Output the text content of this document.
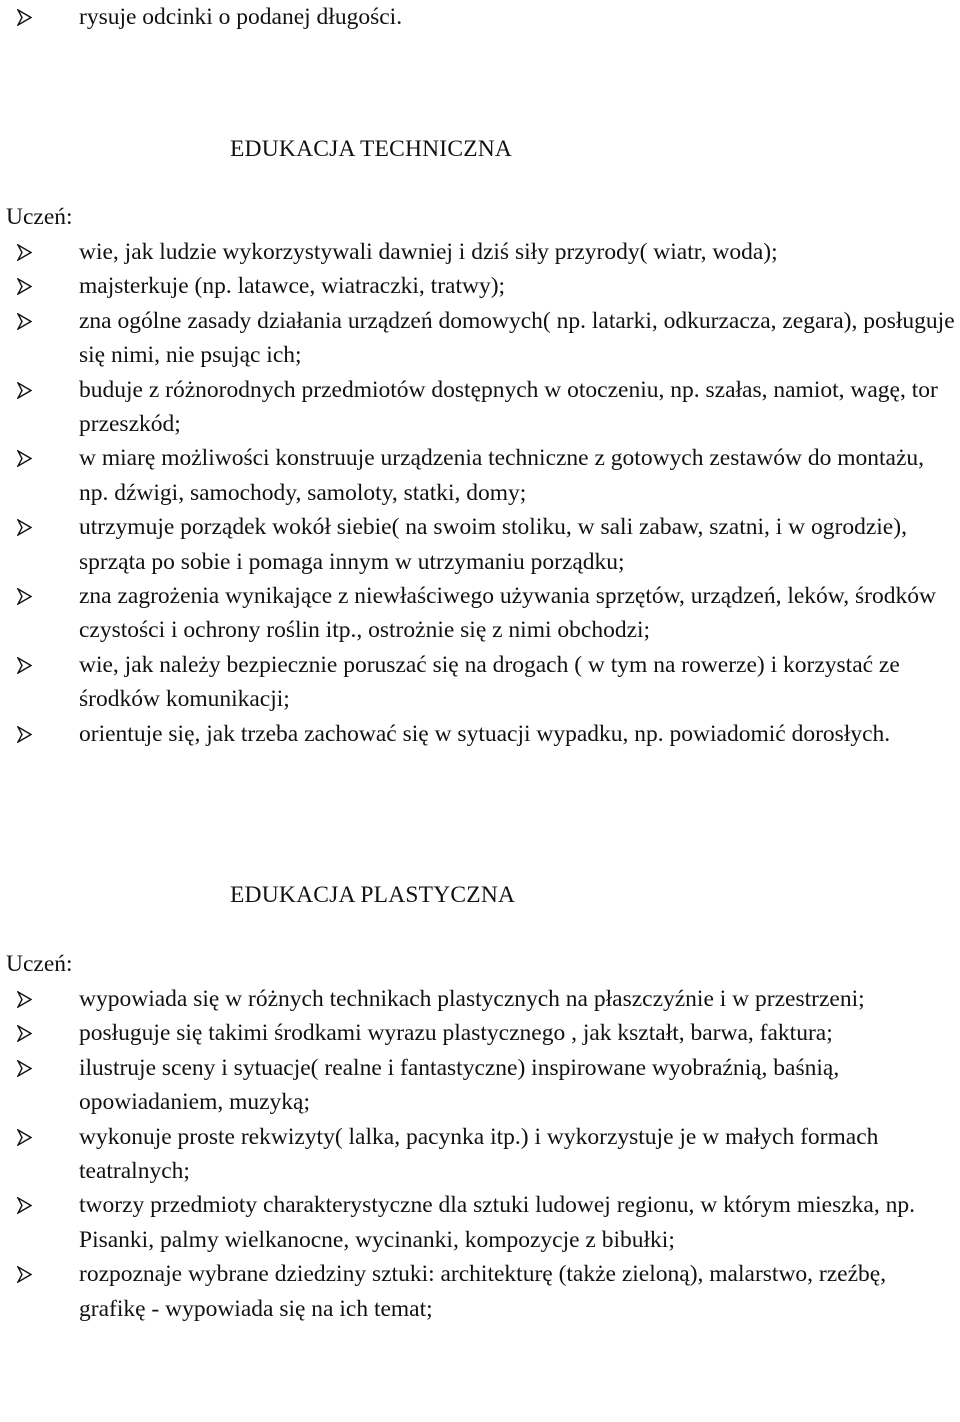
rysuje odcinki o podanej długości.
EDUKACJA TECHNICZNA
Uczeń:
wie, jak ludzie wykorzystywali dawniej i dziś siły przyrody( wiatr, woda);
majsterkuje (np. latawce, wiatraczki, tratwy);
zna ogólne zasady działania urządzeń domowych( np. latarki, odkurzacza, zegara), posługuje się nimi, nie psując ich;
buduje z różnorodnych przedmiotów dostępnych w otoczeniu, np. szałas, namiot, wagę, tor przeszkód;
w miarę możliwości konstruuje urządzenia techniczne z gotowych zestawów do montażu, np. dźwigi, samochody, samoloty, statki, domy;
utrzymuje porządek wokół siebie( na swoim stoliku, w sali zabaw, szatni, i w ogrodzie), sprząta po sobie i pomaga innym w utrzymaniu porządku;
zna zagrożenia wynikające z niewłaściwego używania sprzętów, urządzeń, leków, środków czystości i ochrony roślin itp., ostrożnie się z nimi obchodzi;
wie, jak należy bezpiecznie poruszać się na drogach ( w tym na rowerze) i korzystać ze środków komunikacji;
orientuje się, jak trzeba zachować się w sytuacji wypadku, np. powiadomić dorosłych.
EDUKACJA PLASTYCZNA
Uczeń:
wypowiada się w różnych technikach plastycznych na płaszczyźnie i w przestrzeni;
posługuje się takimi środkami wyrazu plastycznego , jak kształt, barwa, faktura;
ilustruje sceny i sytuacje( realne i fantastyczne) inspirowane wyobraźnią, baśnią, opowiadaniem, muzyką;
wykonuje proste rekwizyty( lalka, pacynka itp.) i wykorzystuje je w małych formach teatralnych;
tworzy przedmioty charakterystyczne dla sztuki ludowej regionu, w którym mieszka, np. Pisanki, palmy wielkanocne, wycinanki, kompozycje z bibułki;
rozpoznaje wybrane dziedziny sztuki: architekturę (także zieloną), malarstwo, rzeźbę, grafikę - wypowiada się na ich temat;
